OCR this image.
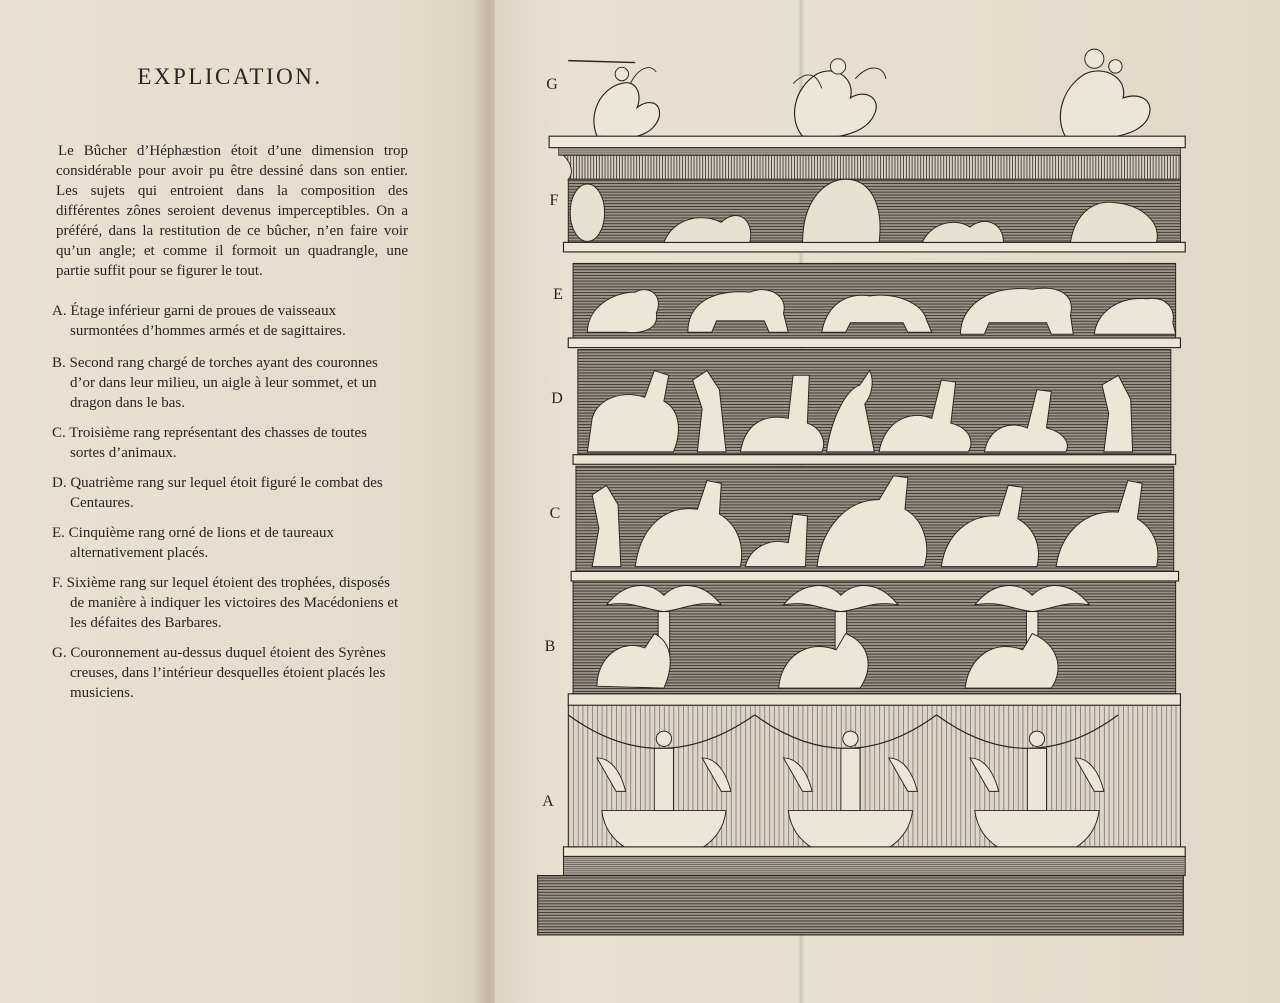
EXPLICATION.

Le Bûcher d’Héphæstion étoit d’une dimension trop considérable pour avoir pu être dessiné dans son entier. Les sujets qui entroient dans la composition des différentes zônes seroient devenus imperceptibles. On a préféré, dans la restitution de ce bûcher, n’en faire voir qu’un angle; et comme il formoit un quadrangle, une partie suffit pour se figurer le tout.

A. Étage inférieur garni de proues de vaisseaux surmontées d’hommes armés et de sagittaires.
B. Second rang chargé de torches ayant des couronnes d’or dans leur milieu, un aigle à leur sommet, et un dragon dans le bas.
C. Troisième rang représentant des chasses de toutes sortes d’animaux.
D. Quatrième rang sur lequel étoit figuré le combat des Centaures.
E. Cinquième rang orné de lions et de taureaux alternativement placés.
F. Sixième rang sur lequel étoient des trophées, disposés de manière à indiquer les victoires des Macédoniens et les défaites des Barbares.
G. Couronnement au-dessus duquel étoient des Syrènes creuses, dans l’intérieur desquelles étoient placés les musiciens.
G
F
E
D
C
B
A
